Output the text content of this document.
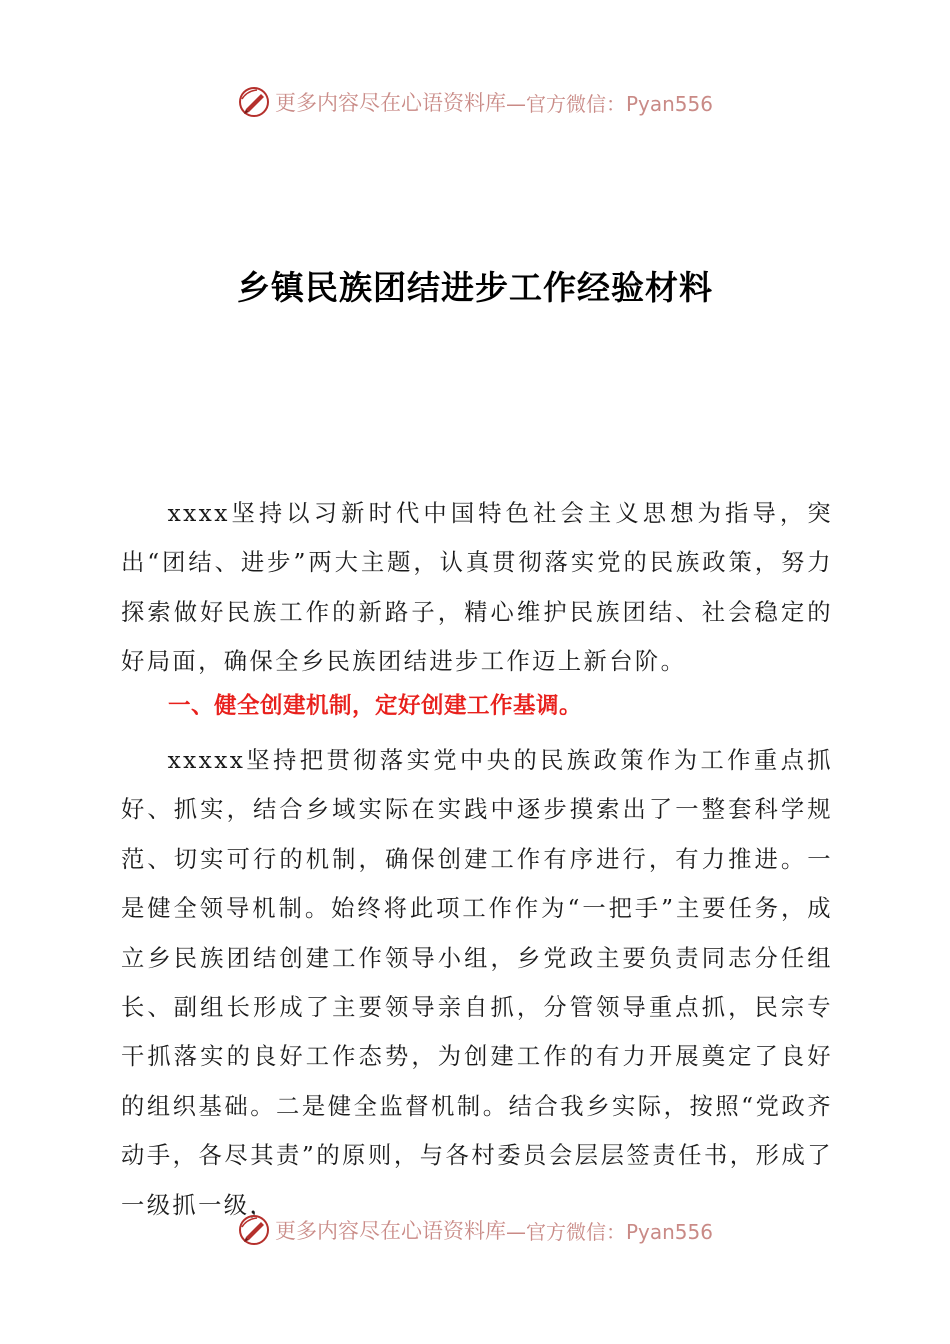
更多内容尽在心语资料库 —官方微信：Pyan556
乡镇民族团结进步工作经验材料

xxxx坚持以习新时代中国特色社会主义思想为指导，突出“团结、进步”两大主题，认真贯彻落实党的民族政策，努力探索做好民族工作的新路子，精心维护民族团结、社会稳定的好局面，确保全乡民族团结进步工作迈上新台阶。

一、健全创建机制，定好创建工作基调。

xxxxx坚持把贯彻落实党中央的民族政策作为工作重点抓好、抓实，结合乡域实际在实践中逐步摸索出了一整套科学规范、切实可行的机制，确保创建工作有序进行，有力推进。一是健全领导机制。始终将此项工作作为“一把手”主要任务，成立乡民族团结创建工作领导小组，乡党政主要负责同志分任组长、副组长形成了主要领导亲自抓，分管领导重点抓，民宗专干抓落实的良好工作态势，为创建工作的有力开展奠定了良好的组织基础。二是健全监督机制。结合我乡实际，按照“党政齐动手，各尽其责”的原则，与各村委员会层层签责任书，形成了一级抓一级，

更多内容尽在心语资料库 —官方微信：Pyan556
